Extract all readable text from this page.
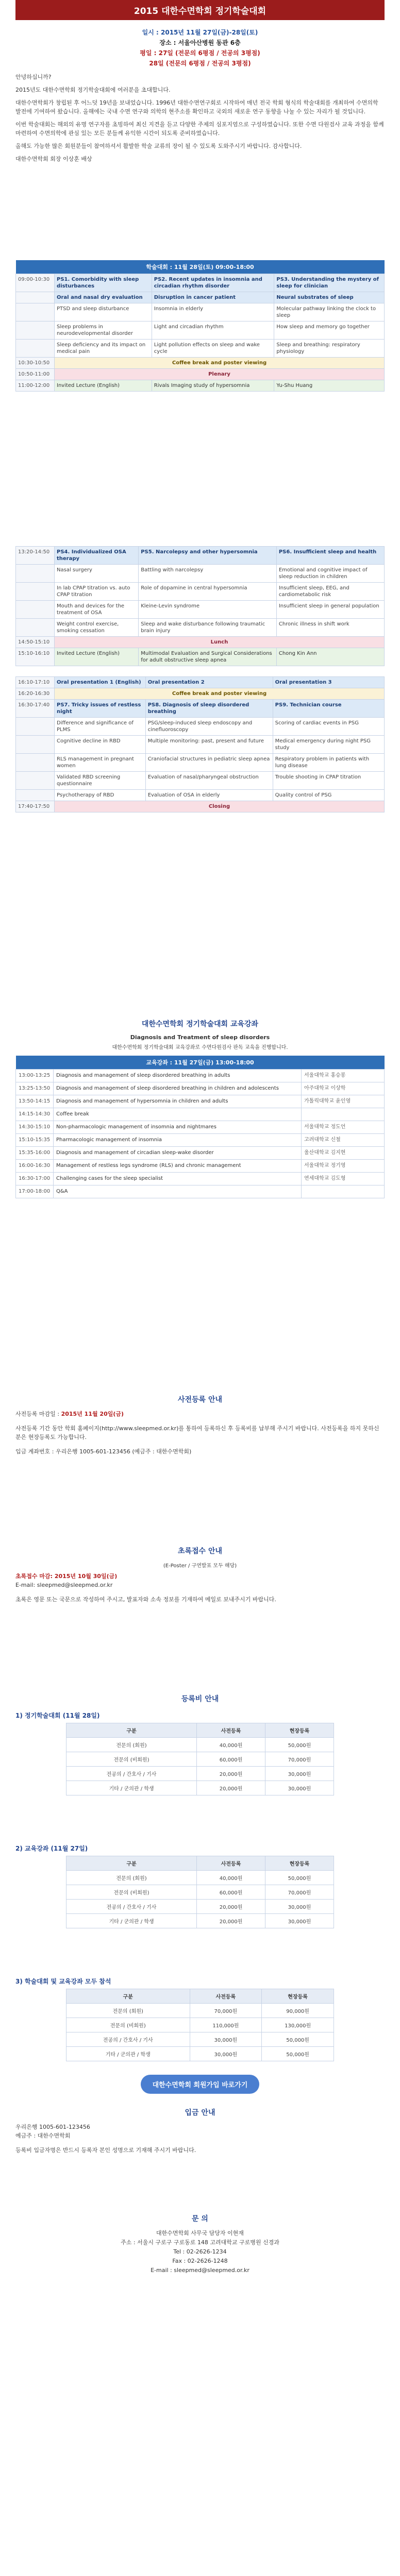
2015 대한수면학회 정기학술대회
일시 : 2015년 11월 27일(금)-28일(토)
장소 : 서울아산병원 동관 6층
평일 : 27일 (전문의 6평점 / 전공의 3평점)
28일 (전문의 6평점 / 전공의 3평점)

안녕하십니까?

2015년도 대한수면학회 정기학술대회에 여러분을 초대합니다.

대한수면학회가 창립된 후 어느덧 19년을 보내었습니다. 1996년 대한수면연구회로 시작하여 매년 전국 학회 형식의 학술대회를 개최하여 수면의학 발전에 기여하여 왔습니다. 올해에는 국내 수면 연구와 의학의 현주소를 확인하고 국외의 새로운 연구 동향을 나눌 수 있는 자리가 될 것입니다.

이번 학술대회는 해외의 유명 연구자를 초빙하여 최신 지견을 듣고 다양한 주제의 심포지엄으로 구성하였습니다. 또한 수면 다원검사 교육 과정을 함께 마련하여 수면의학에 관심 있는 모든 분들께 유익한 시간이 되도록 준비하였습니다.

올해도 가능한 많은 회원분들이 참여하셔서 활발한 학술 교류의 장이 될 수 있도록 도와주시기 바랍니다. 감사합니다.

대한수면학회 회장 이상훈 배상

학술대회 : 11월 28일(토) 09:00-18:00			
09:00-10:30	PS1. Comorbidity with sleep disturbances	PS2. Recent updates in insomnia and circadian rhythm disorder	PS3. Understanding the mystery of sleep for clinician
	Oral and nasal dry evaluation	Disruption in cancer patient	Neural substrates of sleep
	PTSD and sleep disturbance	Insomnia in elderly	Molecular pathway linking the clock to sleep
	Sleep problems in neurodevelopmental disorder	Light and circadian rhythm	How sleep and memory go together
	Sleep deficiency and its impact on medical pain	Light pollution effects on sleep and wake cycle	Sleep and breathing: respiratory physiology
10:30-10:50	Coffee break and poster viewing		
10:50-11:00	Plenary		
11:00-12:00	Invited Lecture (English)	Rivals Imaging study of hypersomnia	Yu-Shu Huang
13:20-14:50	PS4. Individualized OSA therapy	PS5. Narcolepsy and other hypersomnia	PS6. Insufficient sleep and health
	Nasal surgery	Battling with narcolepsy	Emotional and cognitive impact of sleep reduction in children
	In lab CPAP titration vs. auto CPAP titration	Role of dopamine in central hypersomnia	Insufficient sleep, EEG, and cardiometabolic risk
	Mouth and devices for the treatment of OSA	Kleine-Levin syndrome	Insufficient sleep in general population
	Weight control exercise, smoking cessation	Sleep and wake disturbance following traumatic brain injury	Chronic illness in shift work
14:50-15:10	Lunch		
15:10-16:10	Invited Lecture (English)	Multimodal Evaluation and Surgical Considerations for adult obstructive sleep apnea	Chong Kin Ann
16:10-17:10	Oral presentation 1 (English)	Oral presentation 2	Oral presentation 3
16:20-16:30	Coffee break and poster viewing		
16:30-17:40	PS7. Tricky issues of restless night	PS8. Diagnosis of sleep disordered breathing	PS9. Technician course
	Difference and significance of PLMS	PSG/sleep-induced sleep endoscopy and cinefluoroscopy	Scoring of cardiac events in PSG
	Cognitive decline in RBD	Multiple monitoring: past, present and future	Medical emergency during night PSG study
	RLS management in pregnant women	Craniofacial structures in pediatric sleep apnea	Respiratory problem in patients with lung disease
	Validated RBD screening questionnaire	Evaluation of nasal/pharyngeal obstruction	Trouble shooting in CPAP titration
	Psychotherapy of RBD	Evaluation of OSA in elderly	Quality control of PSG
17:40-17:50	Closing		
대한수면학회 정기학술대회 교육강좌
Diagnosis and Treatment of sleep disorders
대한수면학회 정기학술대회 교육강좌로 수면다원검사 판독 교육을 진행합니다.
교육강좌 : 11월 27일(금) 13:00-18:00		
13:00-13:25	Diagnosis and management of sleep disordered breathing in adults	서울대학교 홍승봉
13:25-13:50	Diagnosis and management of sleep disordered breathing in children and adolescents	아주대학교 이상학
13:50-14:15	Diagnosis and management of hypersomnia in children and adults	가톨릭대학교 윤인영
14:15-14:30	Coffee break	
14:30-15:10	Non-pharmacologic management of insomnia and nightmares	서울대학교 정도언
15:10-15:35	Pharmacologic management of insomnia	고려대학교 신철
15:35-16:00	Diagnosis and management of circadian sleep-wake disorder	울산대학교 김지현
16:00-16:30	Management of restless legs syndrome (RLS) and chronic management	서울대학교 정기영
16:30-17:00	Challenging cases for the sleep specialist	연세대학교 김도형
17:00-18:00	Q&A	
사전등록 안내
사전등록 마감일 : 2015년 11월 20일(금)

사전등록 기간 동안 학회 홈페이지(http://www.sleepmed.or.kr)를 통하여 등록하신 후 등록비를 납부해 주시기 바랍니다. 사전등록을 하지 못하신 분은 현장등록도 가능합니다.

입금 계좌번호 : 우리은행 1005-601-123456 (예금주 : 대한수면학회)

초록접수 안내
(E-Poster / 구연발표 모두 해당)
초록접수 마감: 2015년 10월 30일(금)
E-mail: sleepmed@sleepmed.or.kr

초록은 영문 또는 국문으로 작성하여 주시고, 발표자와 소속 정보를 기재하여 메일로 보내주시기 바랍니다.

등록비 안내
1) 정기학술대회 (11월 28일)
구분	사전등록	현장등록
전문의 (회원)	40,000원	50,000원
전문의 (비회원)	60,000원	70,000원
전공의 / 간호사 / 기사	20,000원	30,000원
기타 / 군의관 / 학생	20,000원	30,000원
2) 교육강좌 (11월 27일)
구분	사전등록	현장등록
전문의 (회원)	40,000원	50,000원
전문의 (비회원)	60,000원	70,000원
전공의 / 간호사 / 기사	20,000원	30,000원
기타 / 군의관 / 학생	20,000원	30,000원
3) 학술대회 및 교육강좌 모두 참석
구분	사전등록	현장등록
전문의 (회원)	70,000원	90,000원
전문의 (비회원)	110,000원	130,000원
전공의 / 간호사 / 기사	30,000원	50,000원
기타 / 군의관 / 학생	30,000원	50,000원
대한수면학회 회원가입 바로가기
입금 안내
우리은행 1005-601-123456
예금주 : 대한수면학회

등록비 입금자명은 반드시 등록자 본인 성명으로 기재해 주시기 바랍니다.

문 의
대한수면학회 사무국 담당자 이현재
주소 : 서울시 구로구 구로동로 148 고려대학교 구로병원 신경과
Tel : 02-2626-1234
Fax : 02-2626-1248
E-mail : sleepmed@sleepmed.or.kr
